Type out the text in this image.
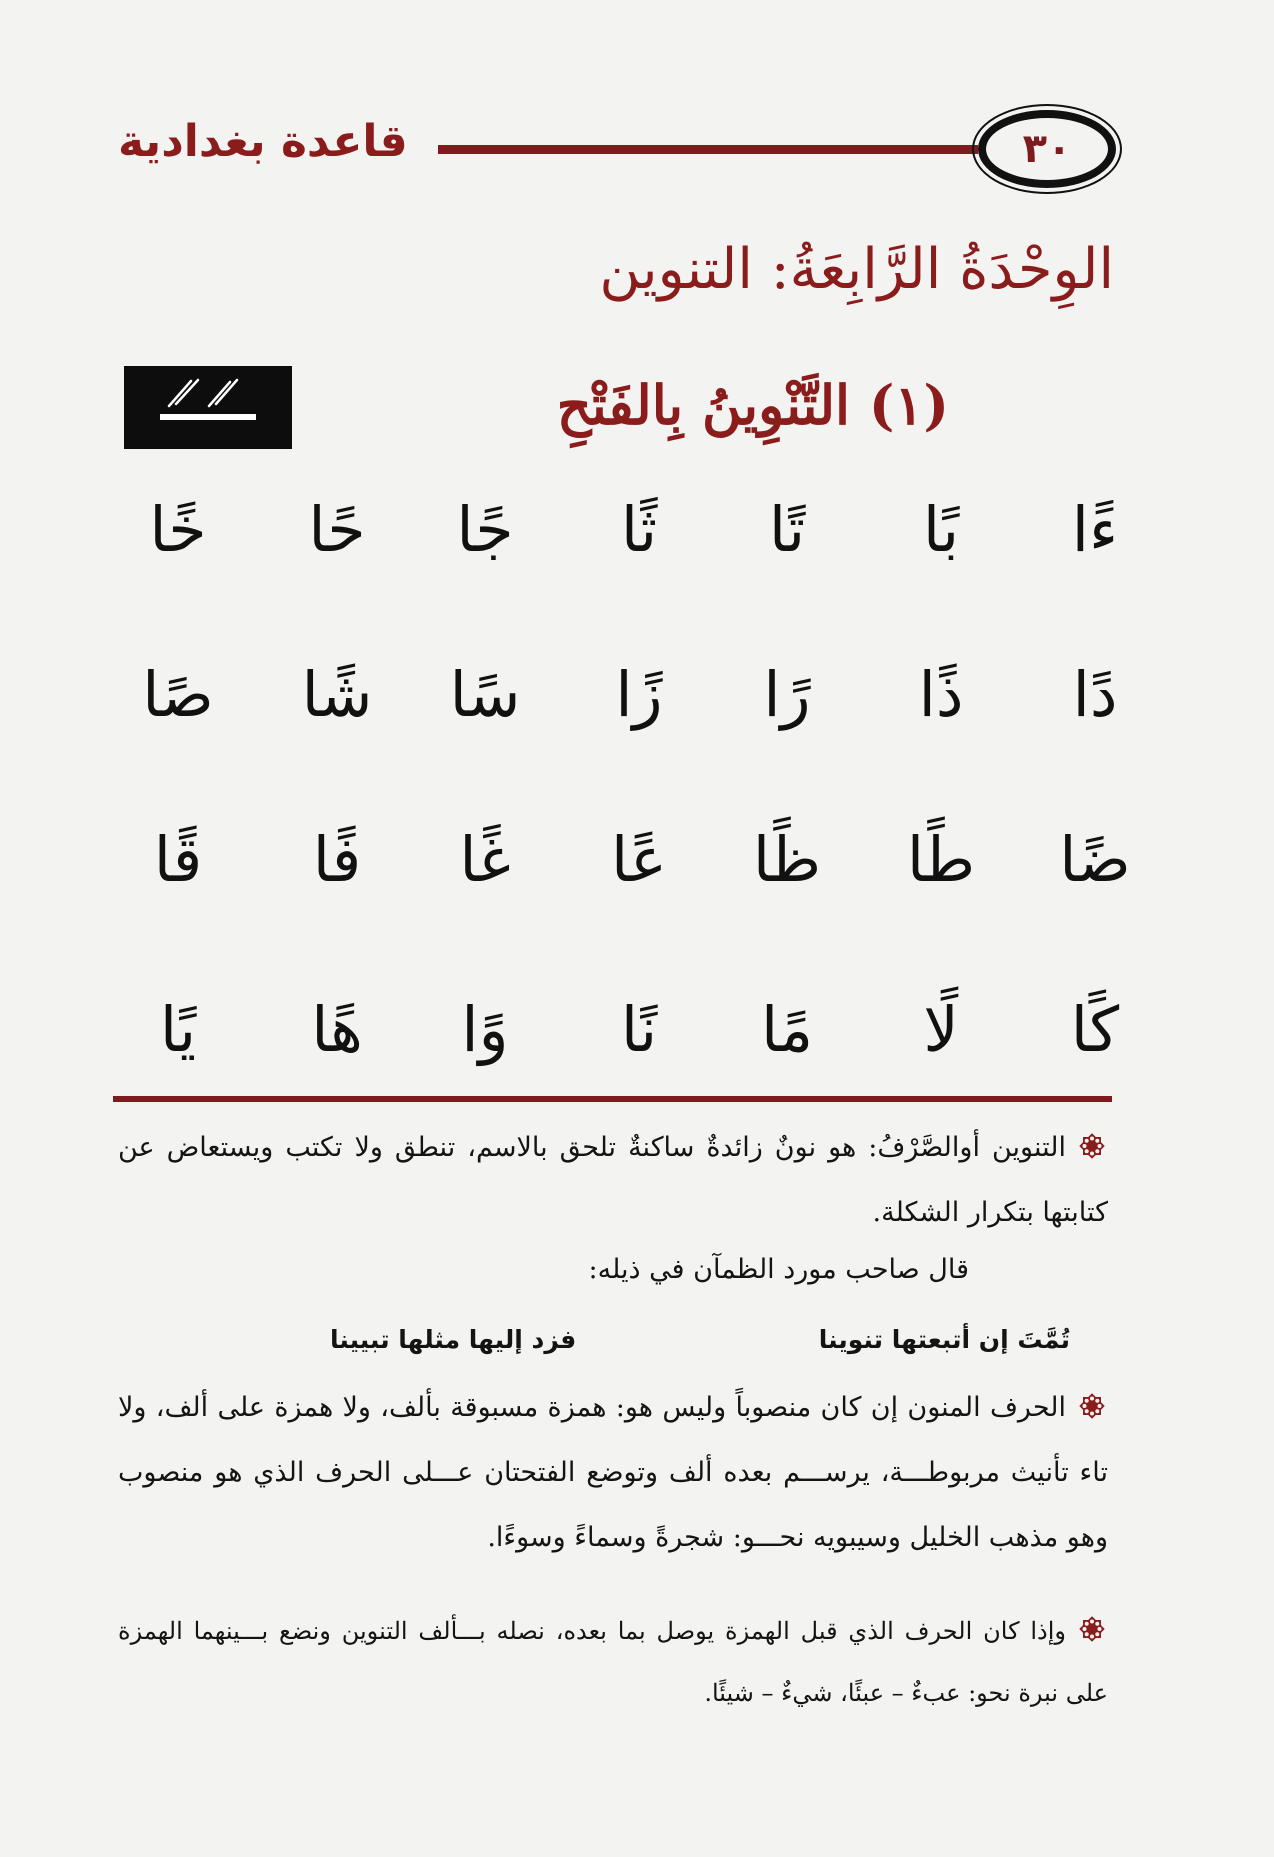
قاعدة بغدادية	٣٠
الوِحْدَةُ الرَّابِعَةُ: التنوين
(١) التَّنْوِينُ بِالفَتْحِ
ءا
با
تا
ثا
جا
حا
خا
دا
ذا
را
زا
سا
شا
صا
ضا
طا
ظا
عا
غا
فا
قا
كا
ل
ما
نا
وا
ها
يا
التنوين أوالصَّرْفُ: هو نونٌ زائدةٌ ساكنةٌ تلحق بالاسم، تنطق ولا تكتب ويستعاض عن كتابتها بتكرار الشكلة.
قال صاحب مورد الظمآن في ذيله:
تُمَّتَ إن أتبعتها تنوينا
فزد إليها مثلها تبيينا
الحرف المنون إن كان منصوباً وليس هو: همزة مسبوقة بألف، ولا همزة على ألف، ولا تاء تأنيث مربوطـــة، يرســـم بعده ألف وتوضع الفتحتان عـــلى الحرف الذي هو منصوب وهو مذهب الخليل وسيبويه نحـــو: شجرةً وسماءً وسوءًا.
وإذا كان الحرف الذي قبل الهمزة يوصل بما بعده، نصله بـــألف التنوين ونضع بـــينهما الهمزة على نبرة نحو: عبءٌ – عبئًا، شيءٌ – شيئًا.
